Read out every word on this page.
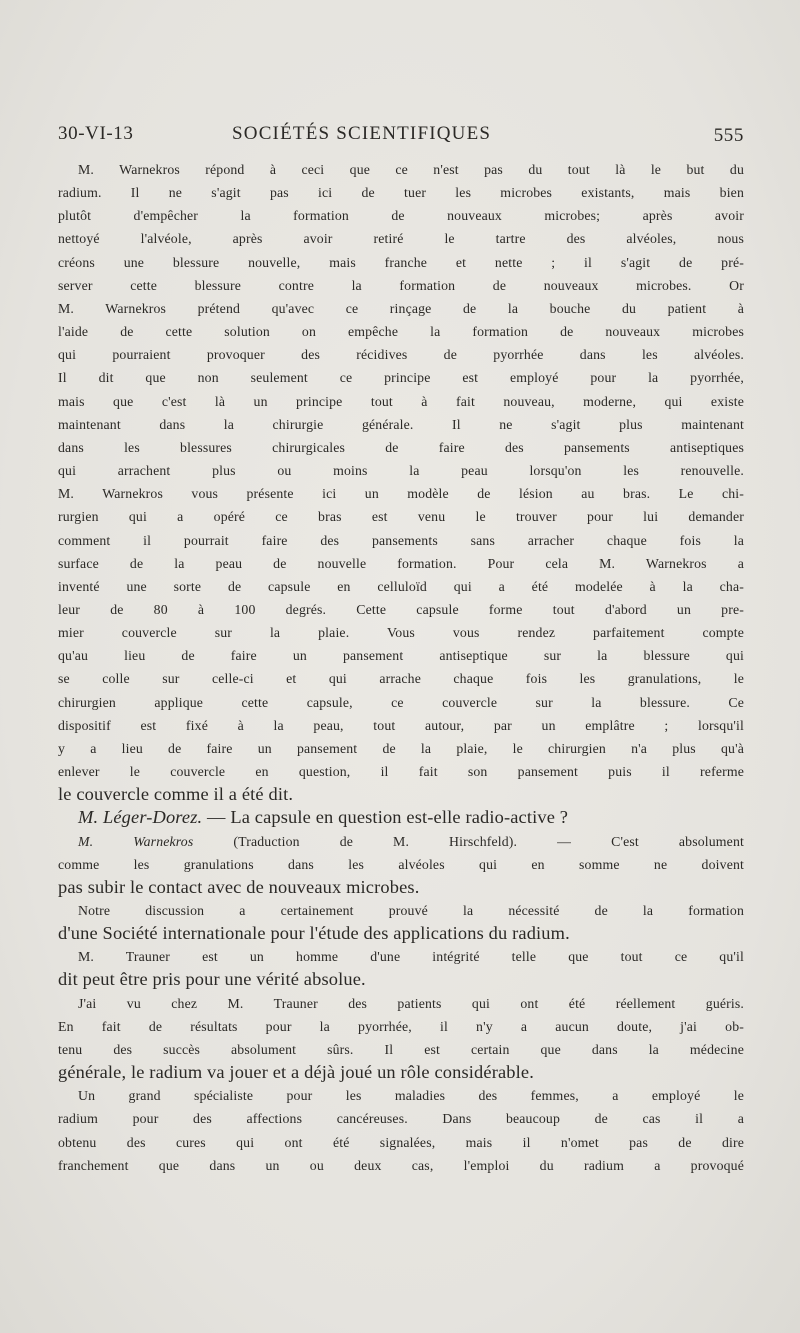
30-VI-13	SOCIÉTÉS SCIENTIFIQUES	555
M. Warnekros répond à ceci que ce n'est pas du tout là le but du
radium. Il ne s'agit pas ici de tuer les microbes existants, mais bien
plutôt d'empêcher la formation de nouveaux microbes; après avoir
nettoyé l'alvéole, après avoir retiré le tartre des alvéoles, nous
créons une blessure nouvelle, mais franche et nette ; il s'agit de pré-
server cette blessure contre la formation de nouveaux microbes. Or
M. Warnekros prétend qu'avec ce rinçage de la bouche du patient à
l'aide de cette solution on empêche la formation de nouveaux microbes
qui pourraient provoquer des récidives de pyorrhée dans les alvéoles.
Il dit que non seulement ce principe est employé pour la pyorrhée,
mais que c'est là un principe tout à fait nouveau, moderne, qui existe
maintenant dans la chirurgie générale. Il ne s'agit plus maintenant
dans les blessures chirurgicales de faire des pansements antiseptiques
qui arrachent plus ou moins la peau lorsqu'on les renouvelle.
M. Warnekros vous présente ici un modèle de lésion au bras. Le chi-
rurgien qui a opéré ce bras est venu le trouver pour lui demander
comment il pourrait faire des pansements sans arracher chaque fois la
surface de la peau de nouvelle formation. Pour cela M. Warnekros a
inventé une sorte de capsule en celluloïd qui a été modelée à la cha-
leur de 80 à 100 degrés. Cette capsule forme tout d'abord un pre-
mier couvercle sur la plaie. Vous vous rendez parfaitement compte
qu'au lieu de faire un pansement antiseptique sur la blessure qui
se colle sur celle-ci et qui arrache chaque fois les granulations, le
chirurgien applique cette capsule, ce couvercle sur la blessure. Ce
dispositif est fixé à la peau, tout autour, par un emplâtre ; lorsqu'il
y a lieu de faire un pansement de la plaie, le chirurgien n'a plus qu'à
enlever le couvercle en question, il fait son pansement puis il referme
le couvercle comme il a été dit.
M. Léger-Dorez. — La capsule en question est-elle radio-active ?
M. Warnekros (Traduction de M. Hirschfeld). — C'est absolument
comme les granulations dans les alvéoles qui en somme ne doivent
pas subir le contact avec de nouveaux microbes.
Notre discussion a certainement prouvé la nécessité de la formation
d'une Société internationale pour l'étude des applications du radium.
M. Trauner est un homme d'une intégrité telle que tout ce qu'il
dit peut être pris pour une vérité absolue.
J'ai vu chez M. Trauner des patients qui ont été réellement guéris.
En fait de résultats pour la pyorrhée, il n'y a aucun doute, j'ai ob-
tenu des succès absolument sûrs. Il est certain que dans la médecine
générale, le radium va jouer et a déjà joué un rôle considérable.
Un grand spécialiste pour les maladies des femmes, a employé le
radium pour des affections cancéreuses. Dans beaucoup de cas il a
obtenu des cures qui ont été signalées, mais il n'omet pas de dire
franchement que dans un ou deux cas, l'emploi du radium a provoqué
